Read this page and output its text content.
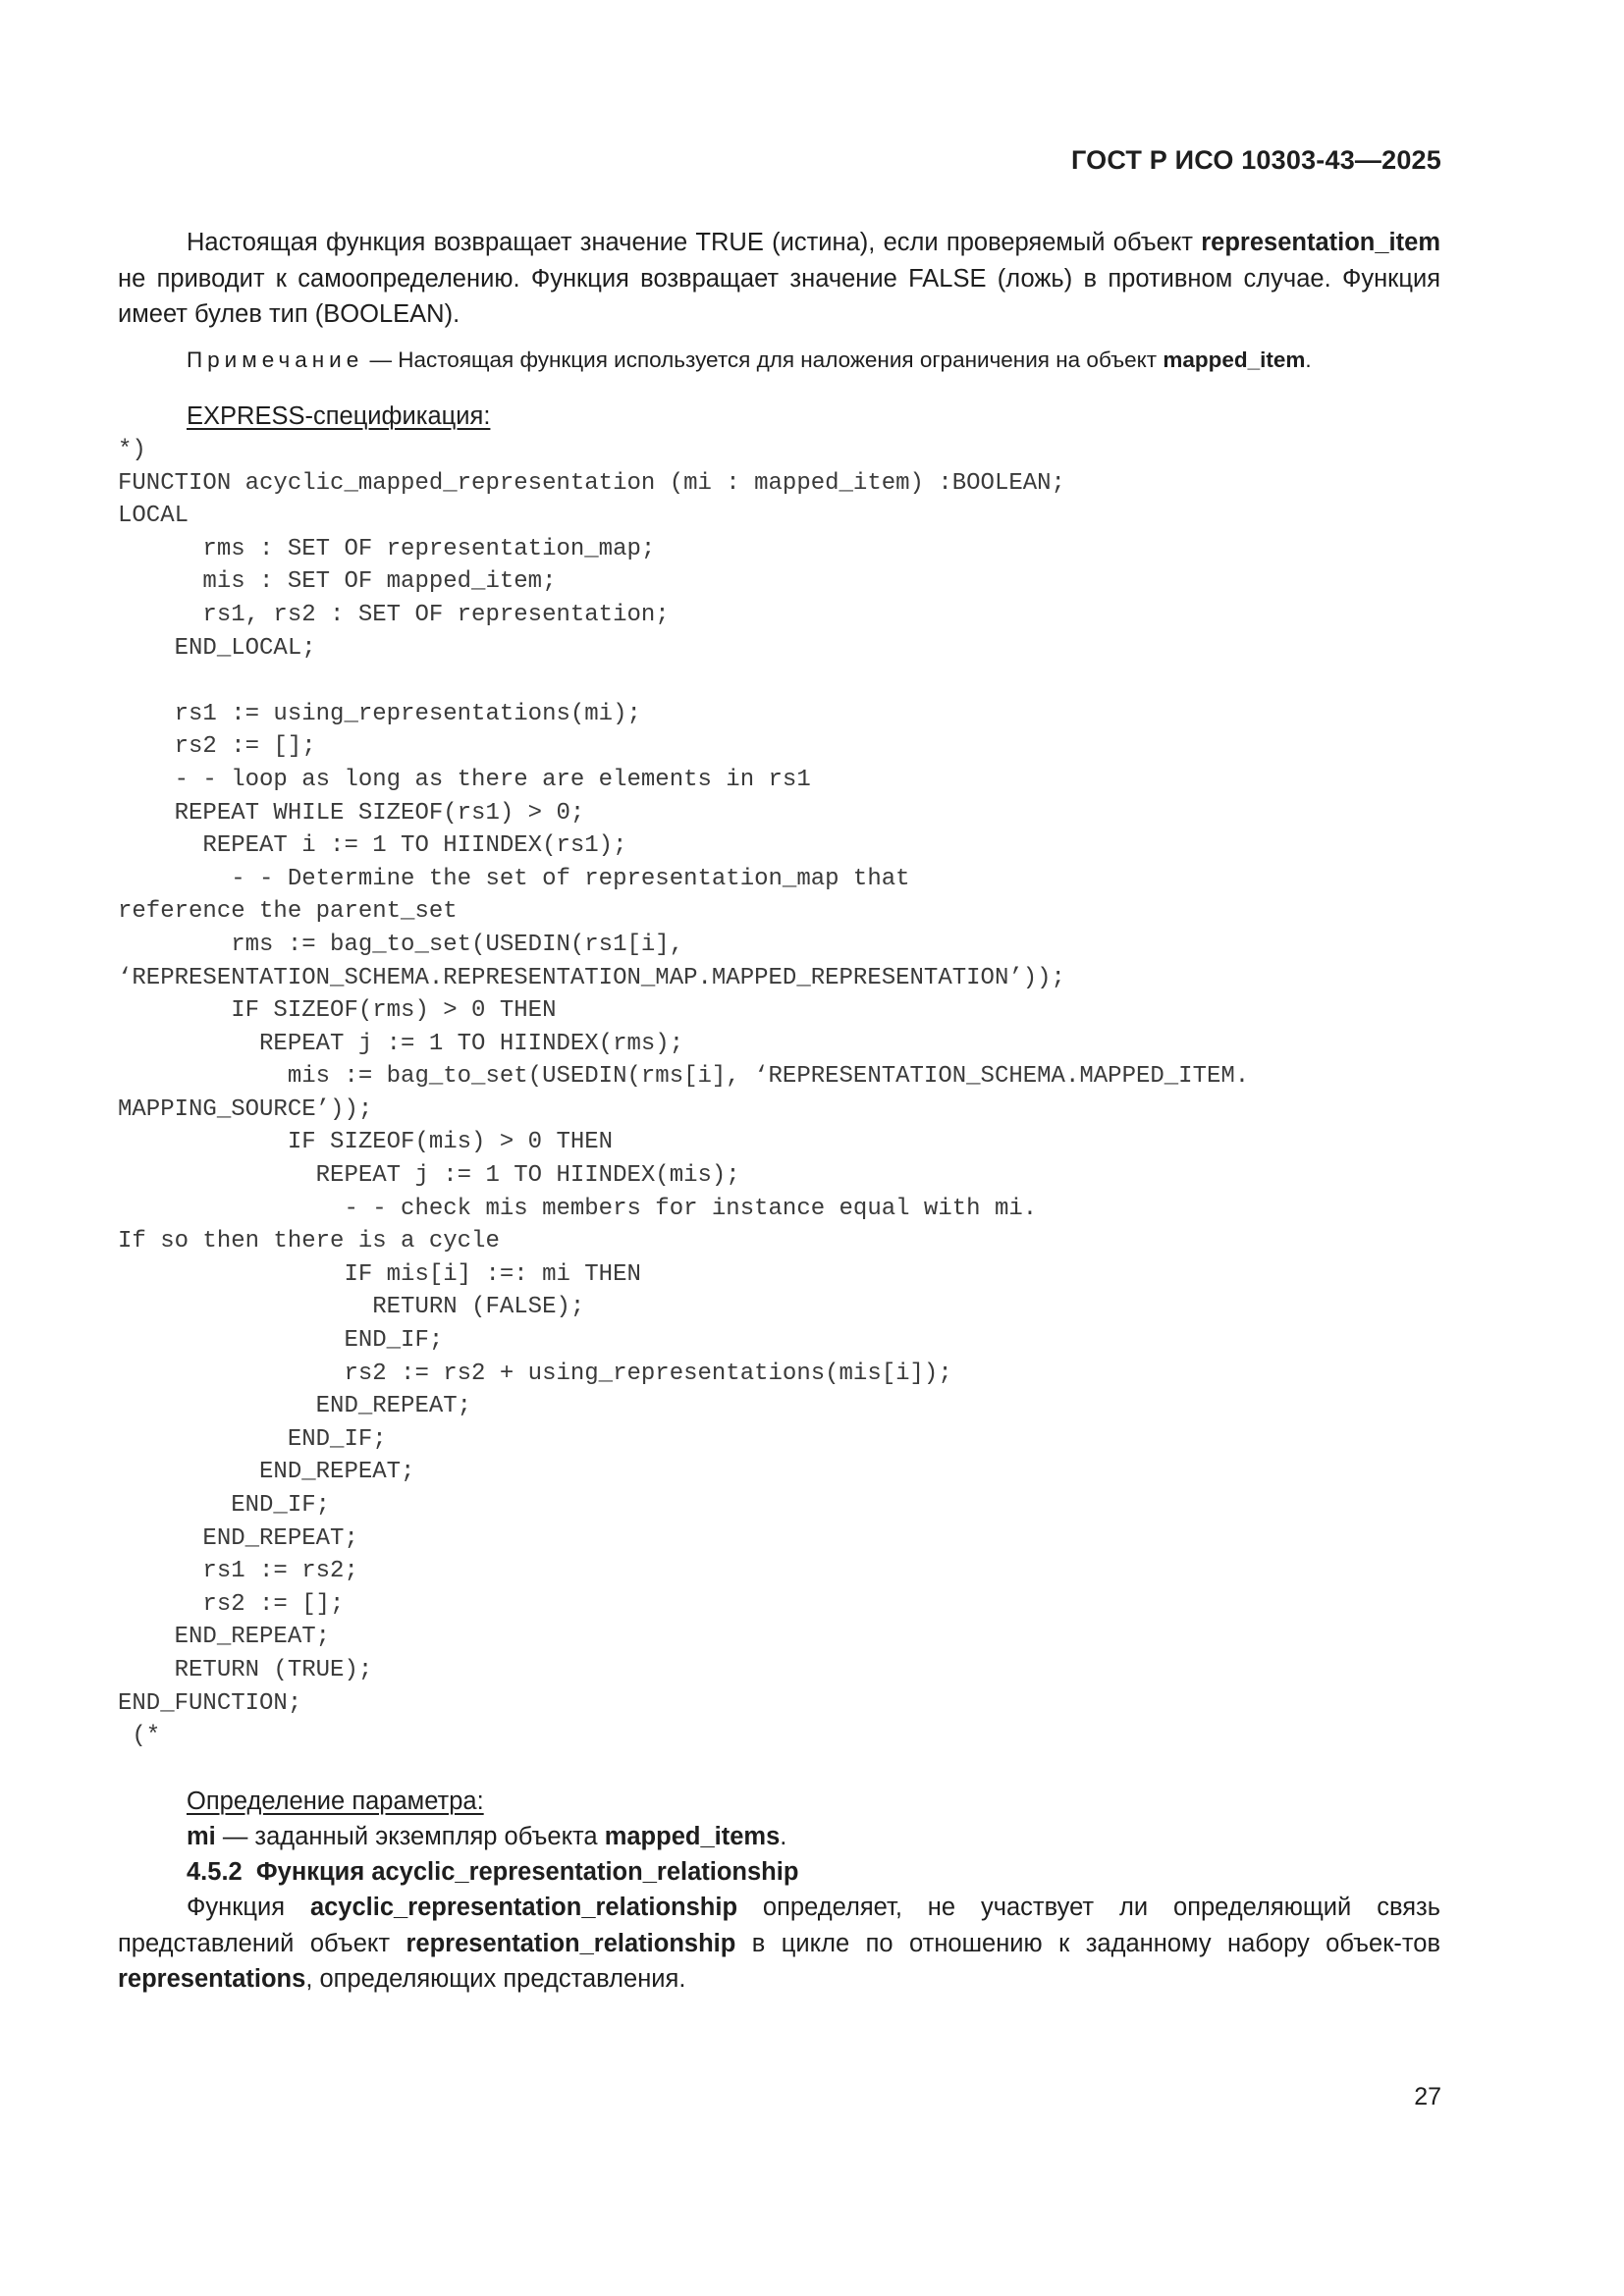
ГОСТ Р ИСО 10303-43—2025

Настоящая функция возвращает значение TRUE (истина), если проверяемый объект representation_item не приводит к самоопределению. Функция возвращает значение FALSE (ложь) в противном случае. Функция имеет булев тип (BOOLEAN).

Примечание — Настоящая функция используется для наложения ограничения на объект mapped_item.

EXPRESS-спецификация:
*)
FUNCTION acyclic_mapped_representation (mi : mapped_item) :BOOLEAN;
LOCAL
rms : SET OF representation_map;
mis : SET OF mapped_item;
rs1, rs2 : SET OF representation;
END_LOCAL;
rs1 := using_representations(mi);
rs2 := [];
- - loop as long as there are elements in rs1
REPEAT WHILE SIZEOF(rs1) > 0;
REPEAT i := 1 TO HIINDEX(rs1);
- - Determine the set of representation_map that
reference the parent_set
rms := bag_to_set(USEDIN(rs1[i],
‘REPRESENTATION_SCHEMA.REPRESENTATION_MAP.MAPPED_REPRESENTATION’));
IF SIZEOF(rms) > 0 THEN
REPEAT j := 1 TO HIINDEX(rms);
mis := bag_to_set(USEDIN(rms[i], ‘REPRESENTATION_SCHEMA.MAPPED_ITEM.
MAPPING_SOURCE’));
IF SIZEOF(mis) > 0 THEN
REPEAT j := 1 TO HIINDEX(mis);
- - check mis members for instance equal with mi.
If so then there is a cycle
IF mis[i] :=: mi THEN
RETURN (FALSE);
END_IF;
rs2 := rs2 + using_representations(mis[i]);
END_REPEAT;
END_IF;
END_REPEAT;
END_IF;
END_REPEAT;
rs1 := rs2;
rs2 := [];
END_REPEAT;
RETURN (TRUE);
END_FUNCTION;
(*
Определение параметра:

mi — заданный экземпляр объекта mapped_items.

4.5.2 Функция acyclic_representation_relationship

Функция acyclic_representation_relationship определяет, не участвует ли определяющий связь представлений объект representation_relationship в цикле по отношению к заданному набору объек-тов representations, определяющих представления.

27
